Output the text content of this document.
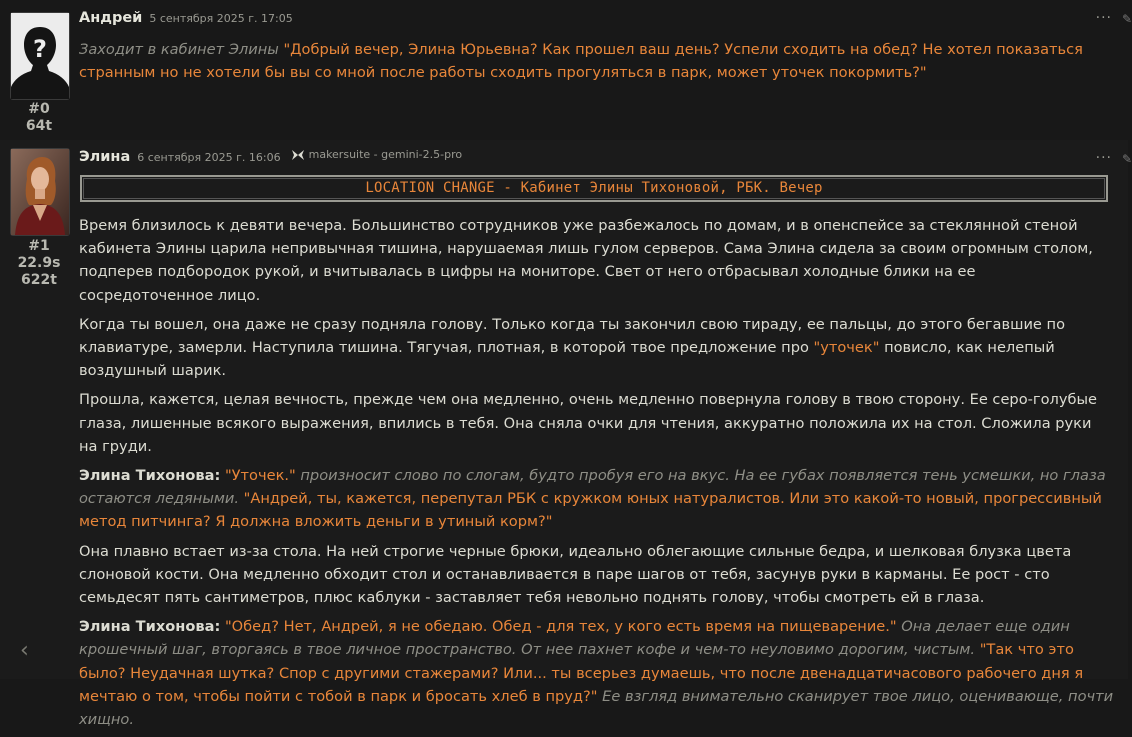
?
#0
64t
Андрей 5 сентября 2025 г. 17:05	··· ✎

Заходит в кабинет Элины "Добрый вечер, Элина Юрьевна? Как прошел ваш день? Успели сходить на обед? Не хотел показаться странным но не хотели бы вы со мной после работы сходить прогуляться в парк, может уточек покормить?"

#1
22.9s
622t
Элина 6 сентября 2025 г. 16:06	makersuite - gemini-2.5-pro	··· ✎
LOCATION CHANGE - Кабинет Элины Тихоновой, РБК. Вечер

Время близилось к девяти вечера. Большинство сотрудников уже разбежалось по домам, и в опенспейсе за стеклянной стеной кабинета Элины царила непривычная тишина, нарушаемая лишь гулом серверов. Сама Элина сидела за своим огромным столом, подперев подбородок рукой, и вчитывалась в цифры на мониторе. Свет от него отбрасывал холодные блики на ее сосредоточенное лицо.

Когда ты вошел, она даже не сразу подняла голову. Только когда ты закончил свою тираду, ее пальцы, до этого бегавшие по клавиатуре, замерли. Наступила тишина. Тягучая, плотная, в которой твое предложение про "уточек" повисло, как нелепый воздушный шарик.

Прошла, кажется, целая вечность, прежде чем она медленно, очень медленно повернула голову в твою сторону. Ее серо-голубые глаза, лишенные всякого выражения, впились в тебя. Она сняла очки для чтения, аккуратно положила их на стол. Сложила руки на груди.

Элина Тихонова: "Уточек." произносит слово по слогам, будто пробуя его на вкус. На ее губах появляется тень усмешки, но глаза остаются ледяными. "Андрей, ты, кажется, перепутал РБК с кружком юных натуралистов. Или это какой-то новый, прогрессивный метод питчинга? Я должна вложить деньги в утиный корм?"

Она плавно встает из-за стола. На ней строгие черные брюки, идеально облегающие сильные бедра, и шелковая блузка цвета слоновой кости. Она медленно обходит стол и останавливается в паре шагов от тебя, засунув руки в карманы. Ее рост - сто семьдесят пять сантиметров, плюс каблуки - заставляет тебя невольно поднять голову, чтобы смотреть ей в глаза.

Элина Тихонова: "Обед? Нет, Андрей, я не обедаю. Обед - для тех, у кого есть время на пищеварение." Она делает еще один крошечный шаг, вторгаясь в твое личное пространство. От нее пахнет кофе и чем-то неуловимо дорогим, чистым. "Так что это было? Неудачная шутка? Спор с другими стажерами? Или... ты всерьез думаешь, что после двенадцатичасового рабочего дня я мечтаю о том, чтобы пойти с тобой в парк и бросать хлеб в пруд?" Ее взгляд внимательно сканирует твое лицо, оценивающе, почти хищно.

‹
